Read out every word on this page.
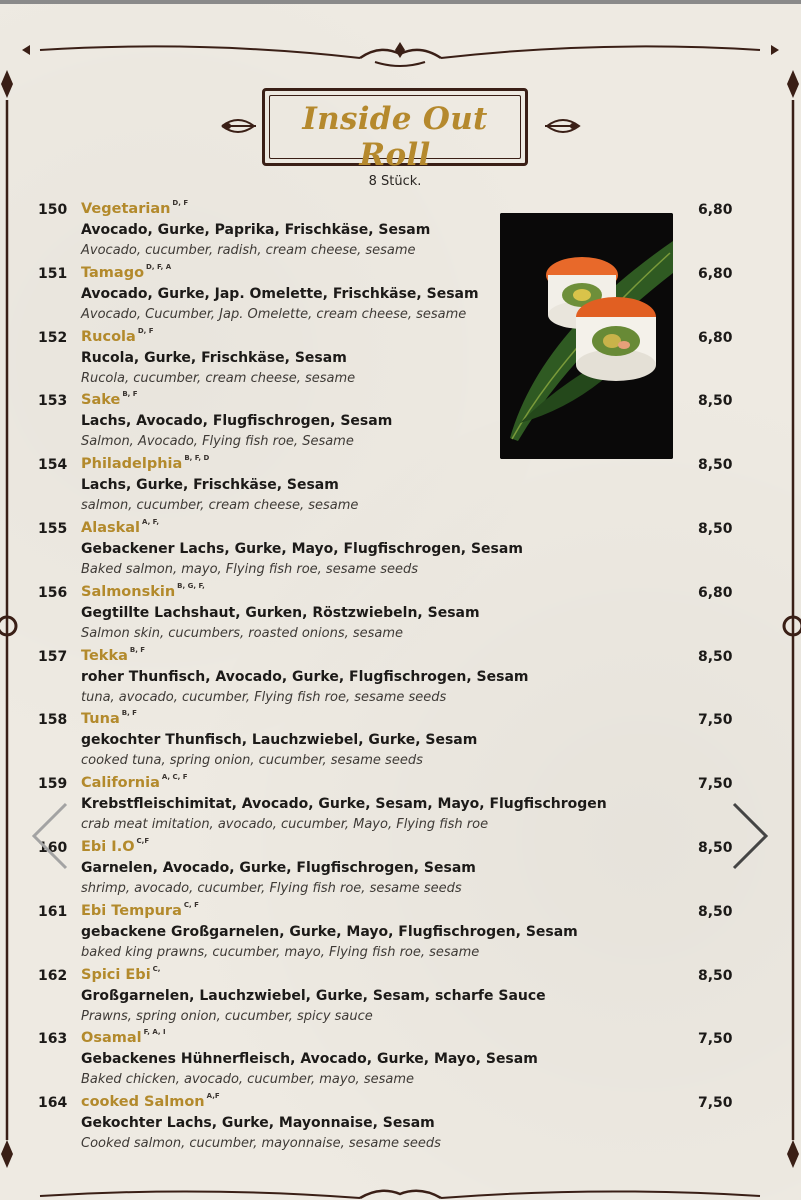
Inside Out Roll
8 Stück.
150 Vegetarian $^{D, F}$	6,80
Avocado, Gurke, Paprika, Frischkäse, Sesam
Avocado, cucumber, radish, cream cheese, sesame
151 Tamago $^{D, F, A}$	6,80
Avocado, Gurke, Jap. Omelette, Frischkäse, Sesam
Avocado, Cucumber, Jap. Omelette, cream cheese, sesame
152 Rucola $^{D, F}$	6,80
Rucola, Gurke, Frischkäse, Sesam
Rucola, cucumber, cream cheese, sesame
153 Sake $^{B, F}$	8,50
Lachs, Avocado, Flugfischrogen, Sesam
Salmon, Avocado, Flying fish roe, Sesame
154 Philadelphia $^{B, F, D}$	8,50
Lachs, Gurke, Frischkäse, Sesam
salmon, cucumber, cream cheese, sesame
155 Alaskal $^{A, F,}$	8,50
Gebackener Lachs, Gurke, Mayo, Flugfischrogen, Sesam
Baked salmon, mayo, Flying fish roe, sesame seeds
156 Salmonskin $^{B, G, F,}$	6,80
Gegtillte Lachshaut, Gurken, Röstzwiebeln, Sesam
Salmon skin, cucumbers, roasted onions, sesame
157 Tekka $^{B, F}$	8,50
roher Thunfisch, Avocado, Gurke, Flugfischrogen, Sesam
tuna, avocado, cucumber, Flying fish roe, sesame seeds
158 Tuna $^{B, F}$	7,50
gekochter Thunfisch, Lauchzwiebel, Gurke, Sesam
cooked tuna, spring onion, cucumber, sesame seeds
159 California $^{A, C, F}$	7,50
Krebstfleischimitat, Avocado, Gurke, Sesam, Mayo, Flugfischrogen
crab meat imitation, avocado, cucumber, Mayo, Flying fish roe
160 Ebi I.O $^{C,F}$	8,50
Garnelen, Avocado, Gurke, Flugfischrogen, Sesam
shrimp, avocado, cucumber, Flying fish roe, sesame seeds
161 Ebi Tempura $^{C, F}$	8,50
gebackene Großgarnelen, Gurke, Mayo, Flugfischrogen, Sesam
baked king prawns, cucumber, mayo, Flying fish roe, sesame
162 Spici Ebi $^{C,}$	8,50
Großgarnelen, Lauchzwiebel, Gurke, Sesam, scharfe Sauce
Prawns, spring onion, cucumber, spicy sauce
163 Osamal $^{F, A, I}$	7,50
Gebackenes Hühnerfleisch, Avocado, Gurke, Mayo, Sesam
Baked chicken, avocado, cucumber, mayo, sesame
164 cooked Salmon $^{A,F}$	7,50
Gekochter Lachs, Gurke, Mayonnaise, Sesam
Cooked salmon, cucumber, mayonnaise, sesame seeds
